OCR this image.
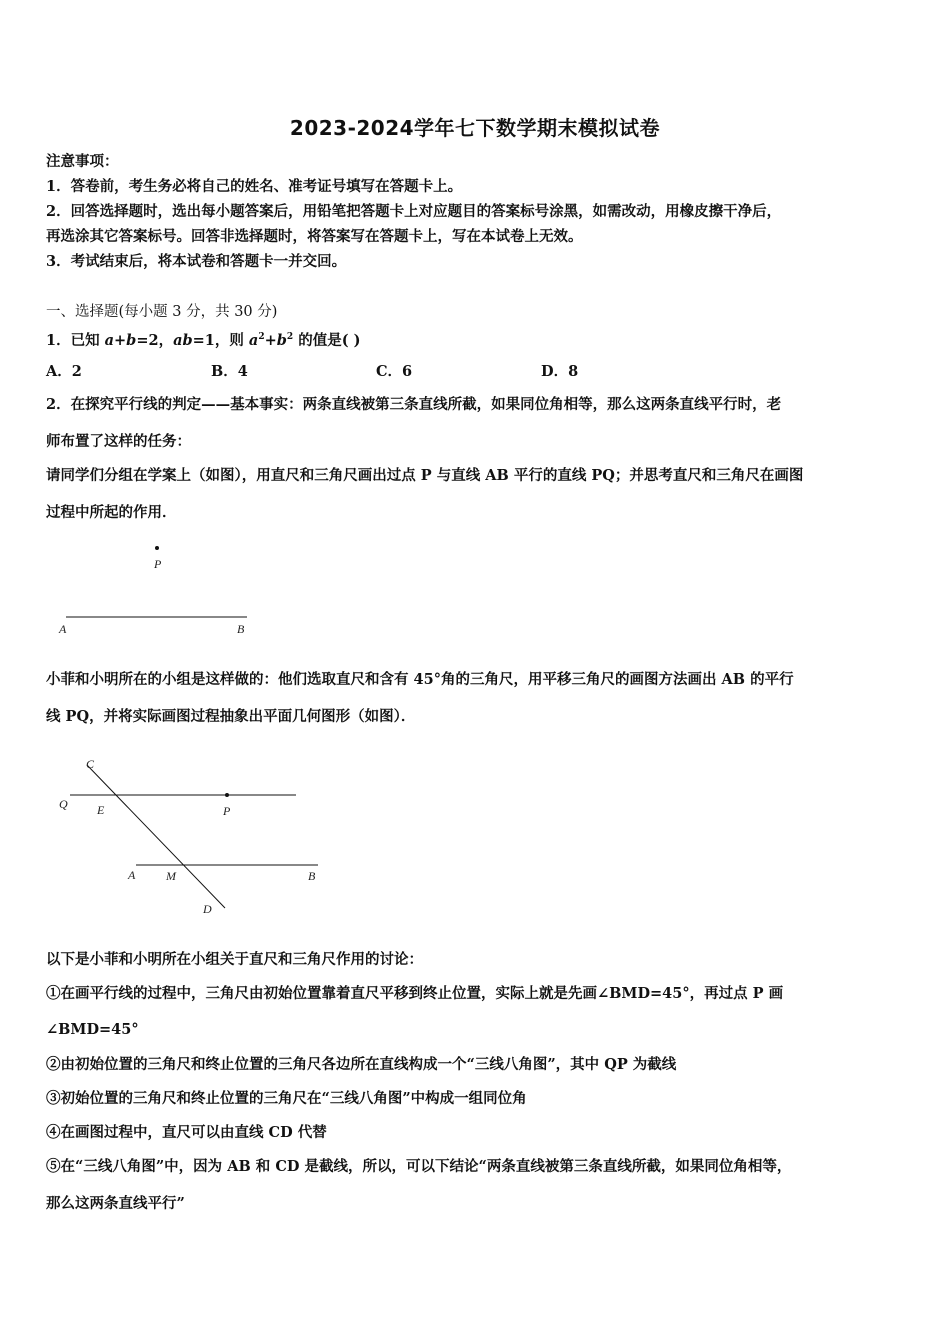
2023-2024学年七下数学期末模拟试卷
注意事项：
1．答卷前，考生务必将自己的姓名、准考证号填写在答题卡上。
2．回答选择题时，选出每小题答案后，用铅笔把答题卡上对应题目的答案标号涂黑，如需改动，用橡皮擦干净后，
再选涂其它答案标号。回答非选择题时，将答案写在答题卡上，写在本试卷上无效。
3．考试结束后，将本试卷和答题卡一并交回。
一、选择题(每小题 3 分，共 30 分)
1．已知 a+b=2，ab=1，则 $a^2+b^2$ 的值是( )
A．2	B．4	C．6	D．8
2．在探究平行线的判定——基本事实：两条直线被第三条直线所截，如果同位角相等，那么这两条直线平行时，老
师布置了这样的任务：
请同学们分组在学案上（如图），用直尺和三角尺画出过点 P 与直线 AB 平行的直线 PQ；并思考直尺和三角尺在画图
过程中所起的作用．
P
A	B
小菲和小明所在的小组是这样做的：他们选取直尺和含有 45°角的三角尺，用平移三角尺的画图方法画出 AB 的平行
线 PQ，并将实际画图过程抽象出平面几何图形（如图）．
C
Q E	P
A	M	B
D
以下是小菲和小明所在小组关于直尺和三角尺作用的讨论：
①在画平行线的过程中，三角尺由初始位置靠着直尺平移到终止位置，实际上就是先画∠BMD=45°，再过点 P 画
∠BMD=45°
②由初始位置的三角尺和终止位置的三角尺各边所在直线构成一个“三线八角图”，其中 QP 为截线
③初始位置的三角尺和终止位置的三角尺在“三线八角图”中构成一组同位角
④在画图过程中，直尺可以由直线 CD 代替
⑤在“三线八角图”中，因为 AB 和 CD 是截线，所以，可以下结论“两条直线被第三条直线所截，如果同位角相等，
那么这两条直线平行”
